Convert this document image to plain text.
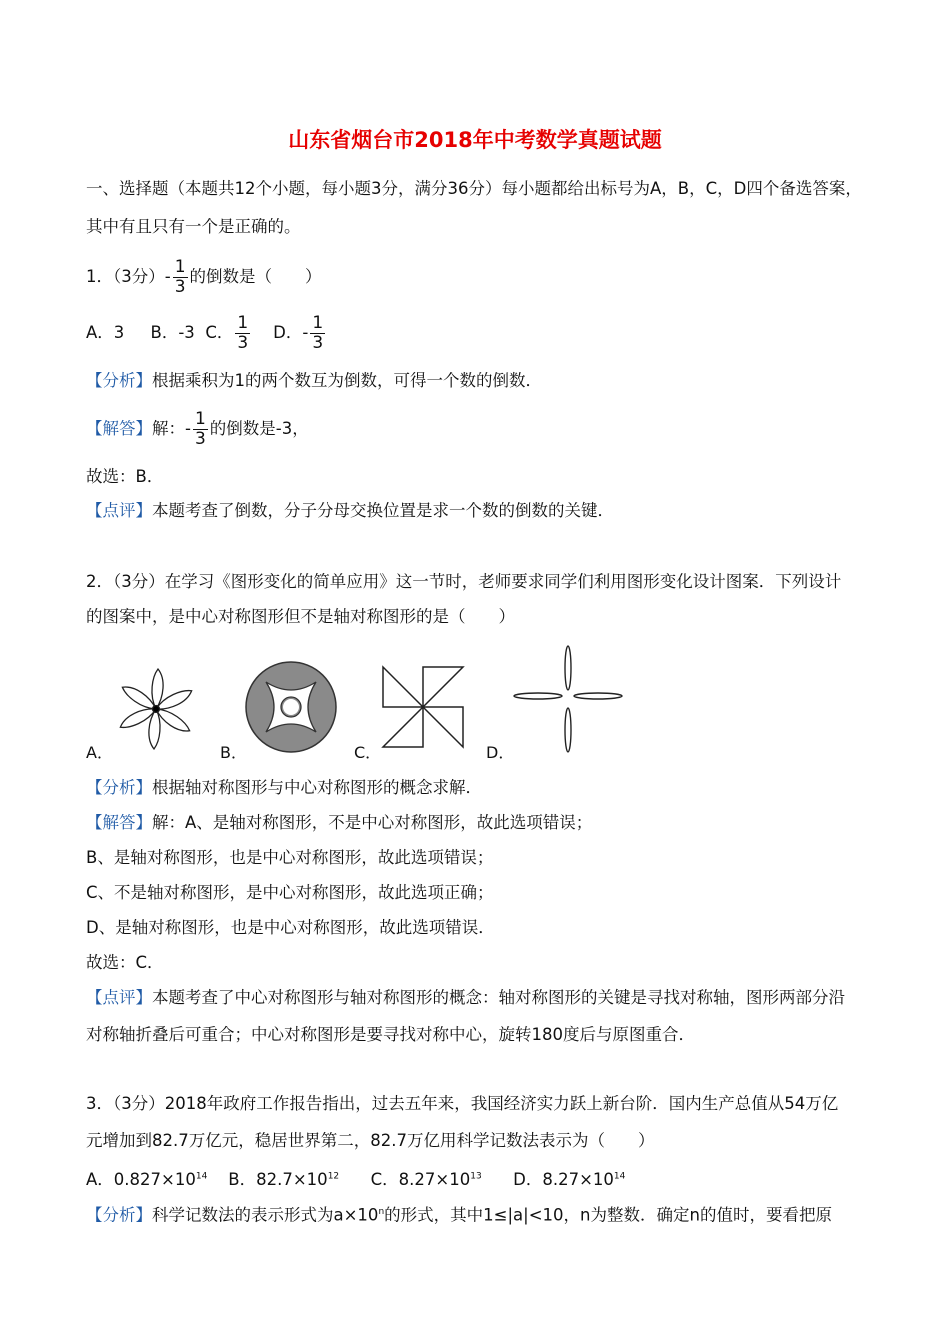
山东省烟台市2018年中考数学真题试题
一、选择题（本题共12个小题，每小题3分，满分36分）每小题都给出标号为A，B，C，D四个备选答案，
其中有且只有一个是正确的。
1．（3分）- $\frac{1}{3}$ 的倒数是（　　）
A．3 B．-3 C． $\frac{1}{3}$ D．- $\frac{1}{3}$
【分析】根据乘积为1的两个数互为倒数，可得一个数的倒数．
【解答】解：- $\frac{1}{3}$ 的倒数是-3，
故选：B．
【点评】本题考查了倒数，分子分母交换位置是求一个数的倒数的关键．
2．（3分）在学习《图形变化的简单应用》这一节时，老师要求同学们利用图形变化设计图案．下列设计
的图案中，是中心对称图形但不是轴对称图形的是（　　）
A．	B．	C．	D．
【分析】根据轴对称图形与中心对称图形的概念求解．
【解答】解：A、是轴对称图形，不是中心对称图形，故此选项错误；
B、是轴对称图形，也是中心对称图形，故此选项错误；
C、不是轴对称图形，是中心对称图形，故此选项正确；
D、是轴对称图形，也是中心对称图形，故此选项错误．
故选：C．
【点评】本题考查了中心对称图形与轴对称图形的概念：轴对称图形的关键是寻找对称轴，图形两部分沿
对称轴折叠后可重合；中心对称图形是要寻找对称中心，旋转180度后与原图重合．
3．（3分）2018年政府工作报告指出，过去五年来，我国经济实力跃上新台阶．国内生产总值从54万亿
元增加到82.7万亿元，稳居世界第二，82.7万亿用科学记数法表示为（　　）
A．$0.827\times 10^{14}$ B．$82.7\times 10^{12}$ C．$8.27\times 10^{13}$ D．$8.27\times 10^{14}$
【分析】科学记数法的表示形式为$a\times 10^n$的形式，其中1≤|a|<10，n为整数．确定n的值时，要看把原
